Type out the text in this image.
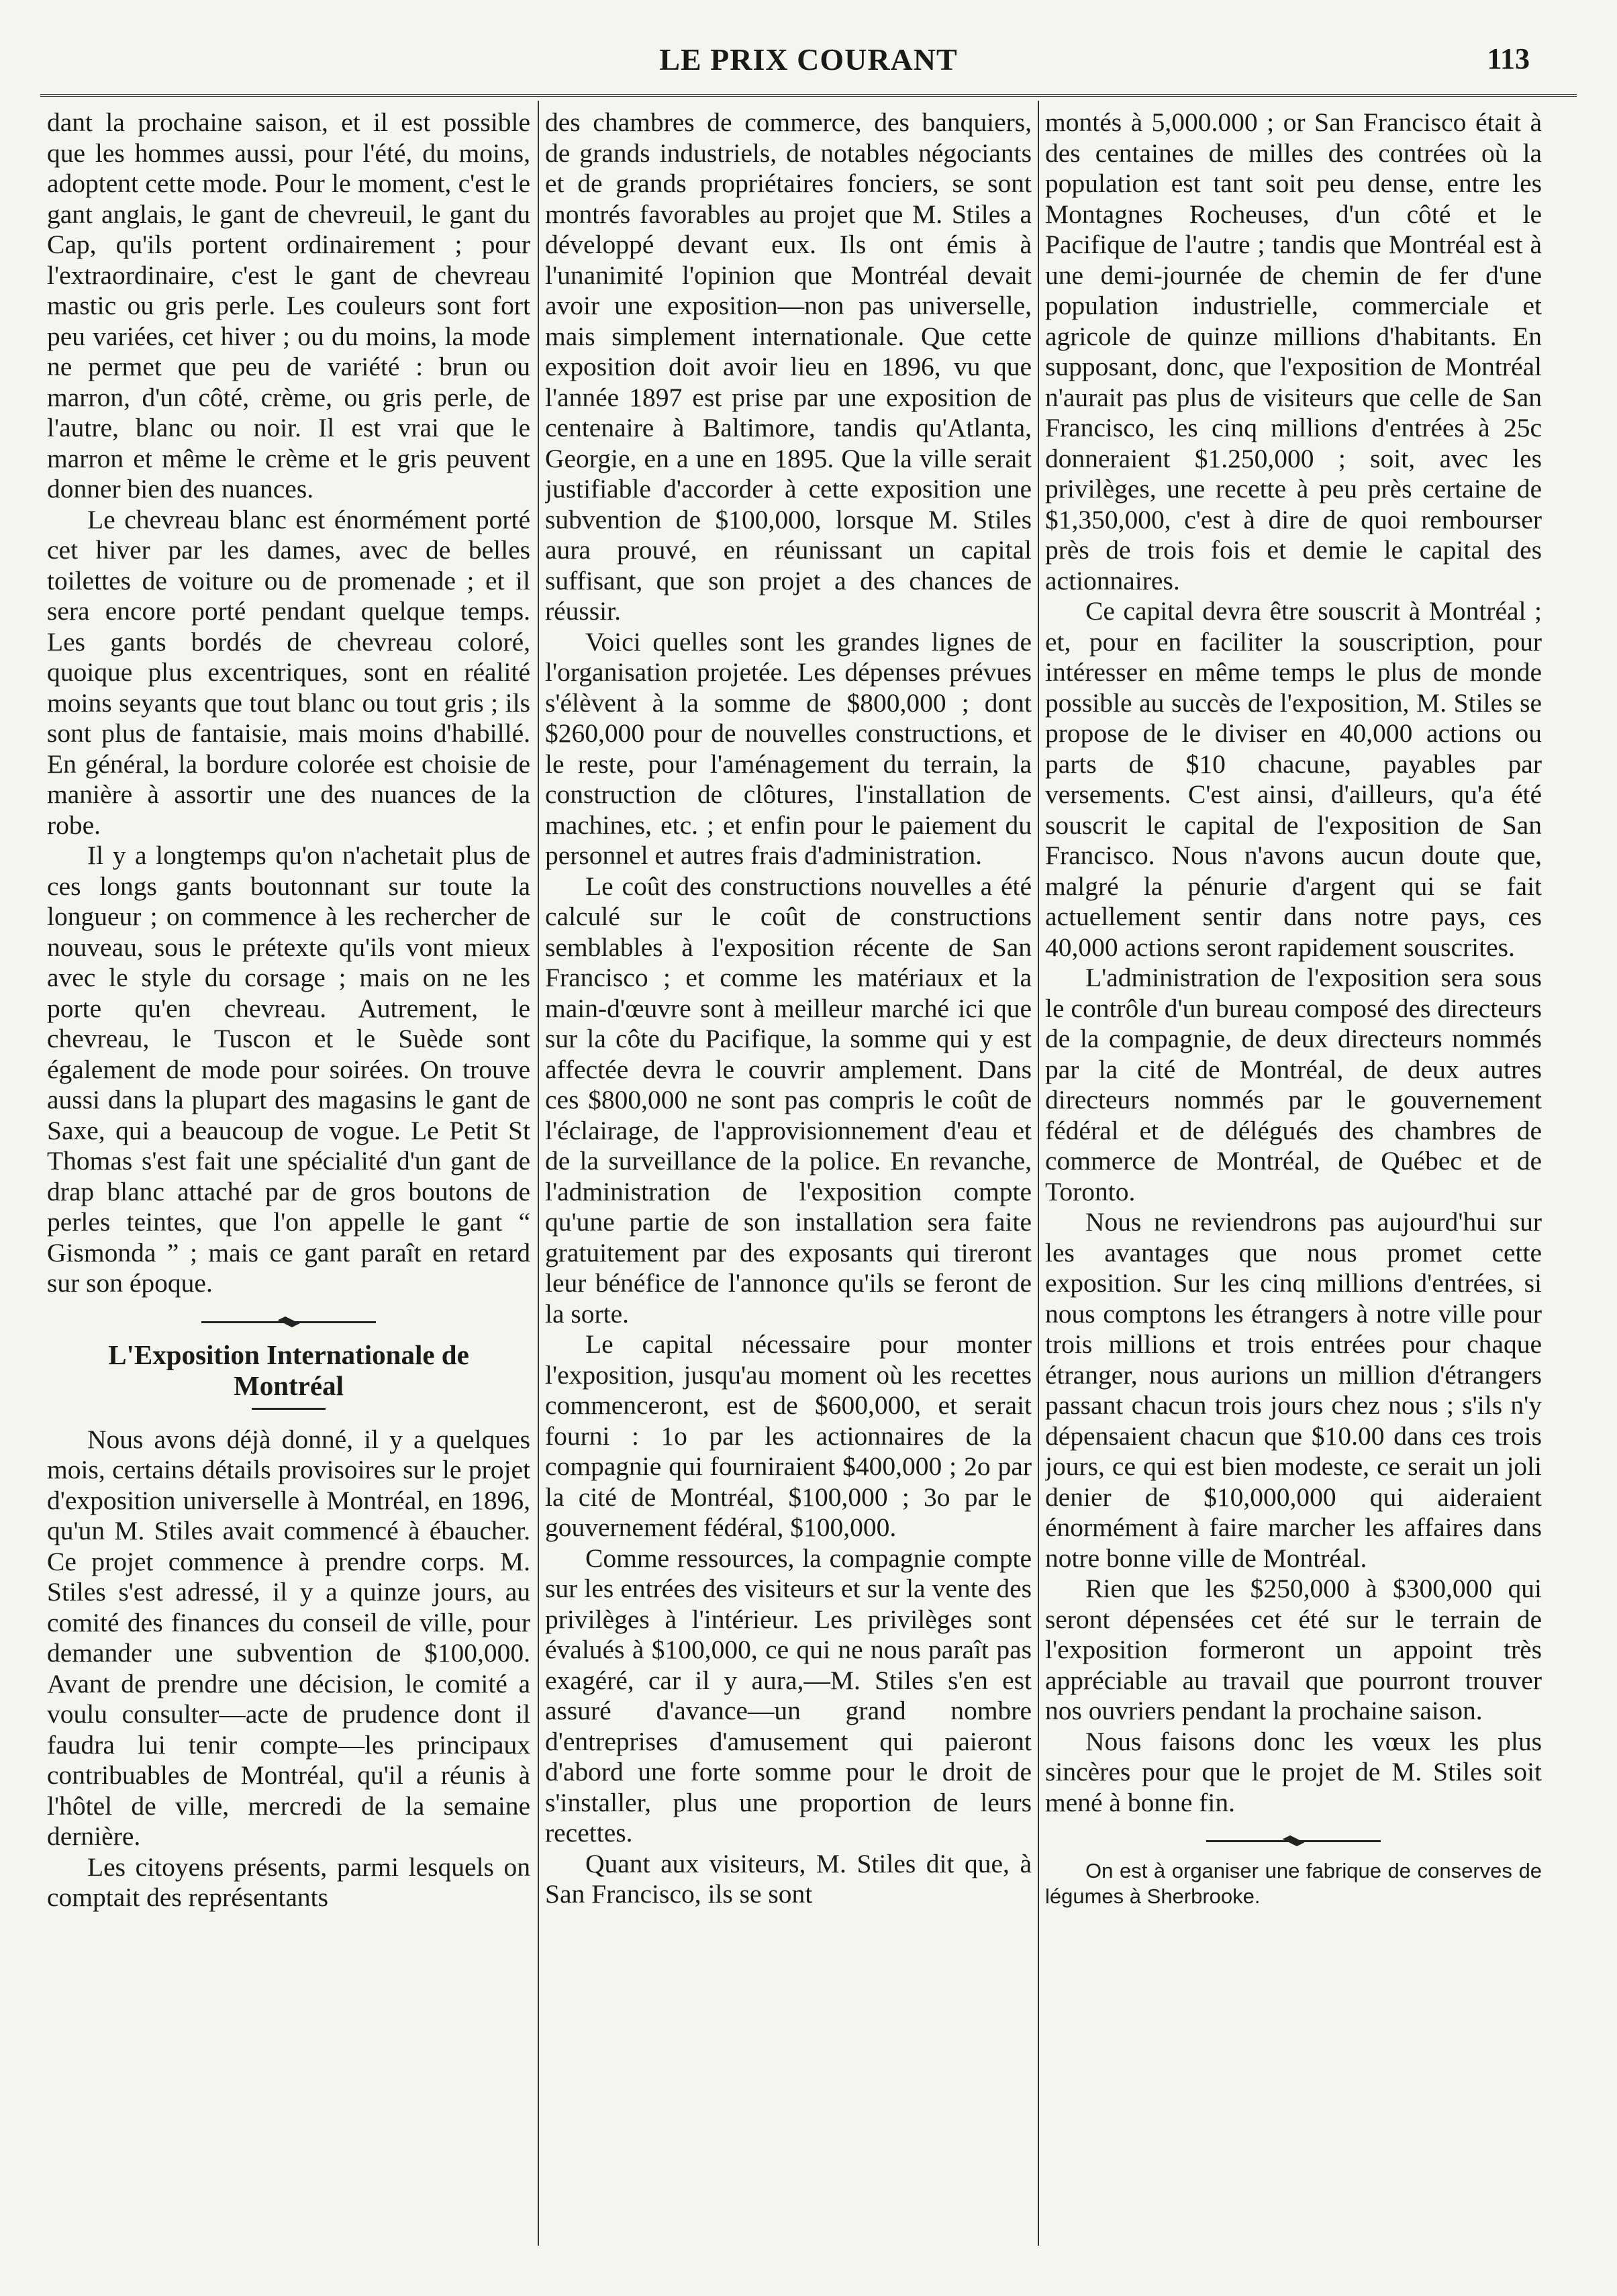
LE PRIX COURANT	113

dant la prochaine saison, et il est possible que les hommes aussi, pour l'été, du moins, adoptent cette mode. Pour le moment, c'est le gant anglais, le gant de chevreuil, le gant du Cap, qu'ils portent ordinairement ; pour l'extraordinaire, c'est le gant de chevreau mastic ou gris perle. Les couleurs sont fort peu variées, cet hiver ; ou du moins, la mode ne permet que peu de variété : brun ou marron, d'un côté, crème, ou gris perle, de l'autre, blanc ou noir. Il est vrai que le marron et même le crème et le gris peuvent donner bien des nuances.

Le chevreau blanc est énormément porté cet hiver par les dames, avec de belles toilettes de voiture ou de promenade ; et il sera encore porté pendant quelque temps. Les gants bordés de chevreau coloré, quoique plus excentriques, sont en réalité moins seyants que tout blanc ou tout gris ; ils sont plus de fantaisie, mais moins d'habillé. En général, la bordure colorée est choisie de manière à assortir une des nuances de la robe.

Il y a longtemps qu'on n'achetait plus de ces longs gants boutonnant sur toute la longueur ; on commence à les rechercher de nouveau, sous le prétexte qu'ils vont mieux avec le style du corsage ; mais on ne les porte qu'en chevreau. Autrement, le chevreau, le Tuscon et le Suède sont également de mode pour soirées. On trouve aussi dans la plupart des magasins le gant de Saxe, qui a beaucoup de vogue. Le Petit St Thomas s'est fait une spécialité d'un gant de drap blanc attaché par de gros boutons de perles teintes, que l'on appelle le gant “ Gismonda ” ; mais ce gant paraît en retard sur son époque.

L'Exposition Internationale de
Montréal

Nous avons déjà donné, il y a quelques mois, certains détails provisoires sur le projet d'exposition universelle à Montréal, en 1896, qu'un M. Stiles avait commencé à ébaucher. Ce projet commence à prendre corps. M. Stiles s'est adressé, il y a quinze jours, au comité des finances du conseil de ville, pour demander une subvention de $100,000. Avant de prendre une décision, le comité a voulu consulter—acte de prudence dont il faudra lui tenir compte—les principaux contribuables de Montréal, qu'il a réunis à l'hôtel de ville, mercredi de la semaine dernière.

Les citoyens présents, parmi lesquels on comptait des représentants

des chambres de commerce, des banquiers, de grands industriels, de notables négociants et de grands propriétaires fonciers, se sont montrés favorables au projet que M. Stiles a développé devant eux. Ils ont émis à l'unanimité l'opinion que Montréal devait avoir une exposition—non pas universelle, mais simplement internationale. Que cette exposition doit avoir lieu en 1896, vu que l'année 1897 est prise par une exposition de centenaire à Baltimore, tandis qu'Atlanta, Georgie, en a une en 1895. Que la ville serait justifiable d'accorder à cette exposition une subvention de $100,000, lorsque M. Stiles aura prouvé, en réunissant un capital suffisant, que son projet a des chances de réussir.

Voici quelles sont les grandes lignes de l'organisation projetée. Les dépenses prévues s'élèvent à la somme de $800,000 ; dont $260,000 pour de nouvelles constructions, et le reste, pour l'aménagement du terrain, la construction de clôtures, l'installation de machines, etc. ; et enfin pour le paiement du personnel et autres frais d'administration.

Le coût des constructions nouvelles a été calculé sur le coût de constructions semblables à l'exposition récente de San Francisco ; et comme les matériaux et la main-d'œuvre sont à meilleur marché ici que sur la côte du Pacifique, la somme qui y est affectée devra le couvrir amplement. Dans ces $800,000 ne sont pas compris le coût de l'éclairage, de l'approvisionnement d'eau et de la surveillance de la police. En revanche, l'administration de l'exposition compte qu'une partie de son installation sera faite gratuitement par des exposants qui tireront leur bénéfice de l'annonce qu'ils se feront de la sorte.

Le capital nécessaire pour monter l'exposition, jusqu'au moment où les recettes commenceront, est de $600,000, et serait fourni : 1o par les actionnaires de la compagnie qui fourniraient $400,000 ; 2o par la cité de Montréal, $100,000 ; 3o par le gouvernement fédéral, $100,000.

Comme ressources, la compagnie compte sur les entrées des visiteurs et sur la vente des privilèges à l'intérieur. Les privilèges sont évalués à $100,000, ce qui ne nous paraît pas exagéré, car il y aura,—M. Stiles s'en est assuré d'avance—un grand nombre d'entreprises d'amusement qui paieront d'abord une forte somme pour le droit de s'installer, plus une proportion de leurs recettes.

Quant aux visiteurs, M. Stiles dit que, à San Francisco, ils se sont

montés à 5,000.000 ; or San Francisco était à des centaines de milles des contrées où la population est tant soit peu dense, entre les Montagnes Rocheuses, d'un côté et le Pacifique de l'autre ; tandis que Montréal est à une demi-journée de chemin de fer d'une population industrielle, commerciale et agricole de quinze millions d'habitants. En supposant, donc, que l'exposition de Montréal n'aurait pas plus de visiteurs que celle de San Francisco, les cinq millions d'entrées à 25c donneraient $1.250,000 ; soit, avec les privilèges, une recette à peu près certaine de $1,350,000, c'est à dire de quoi rembourser près de trois fois et demie le capital des actionnaires.

Ce capital devra être souscrit à Montréal ; et, pour en faciliter la souscription, pour intéresser en même temps le plus de monde possible au succès de l'exposition, M. Stiles se propose de le diviser en 40,000 actions ou parts de $10 chacune, payables par versements. C'est ainsi, d'ailleurs, qu'a été souscrit le capital de l'exposition de San Francisco. Nous n'avons aucun doute que, malgré la pénurie d'argent qui se fait actuellement sentir dans notre pays, ces 40,000 actions seront rapidement souscrites.

L'administration de l'exposition sera sous le contrôle d'un bureau composé des directeurs de la compagnie, de deux directeurs nommés par la cité de Montréal, de deux autres directeurs nommés par le gouvernement fédéral et de délégués des chambres de commerce de Montréal, de Québec et de Toronto.

Nous ne reviendrons pas aujourd'hui sur les avantages que nous promet cette exposition. Sur les cinq millions d'entrées, si nous comptons les étrangers à notre ville pour trois millions et trois entrées pour chaque étranger, nous aurions un million d'étrangers passant chacun trois jours chez nous ; s'ils n'y dépensaient chacun que $10.00 dans ces trois jours, ce qui est bien modeste, ce serait un joli denier de $10,000,000 qui aideraient énormément à faire marcher les affaires dans notre bonne ville de Montréal.

Rien que les $250,000 à $300,000 qui seront dépensées cet été sur le terrain de l'exposition formeront un appoint très appréciable au travail que pourront trouver nos ouvriers pendant la prochaine saison.

Nous faisons donc les vœux les plus sincères pour que le projet de M. Stiles soit mené à bonne fin.

On est à organiser une fabrique de conserves de légumes à Sherbrooke.
